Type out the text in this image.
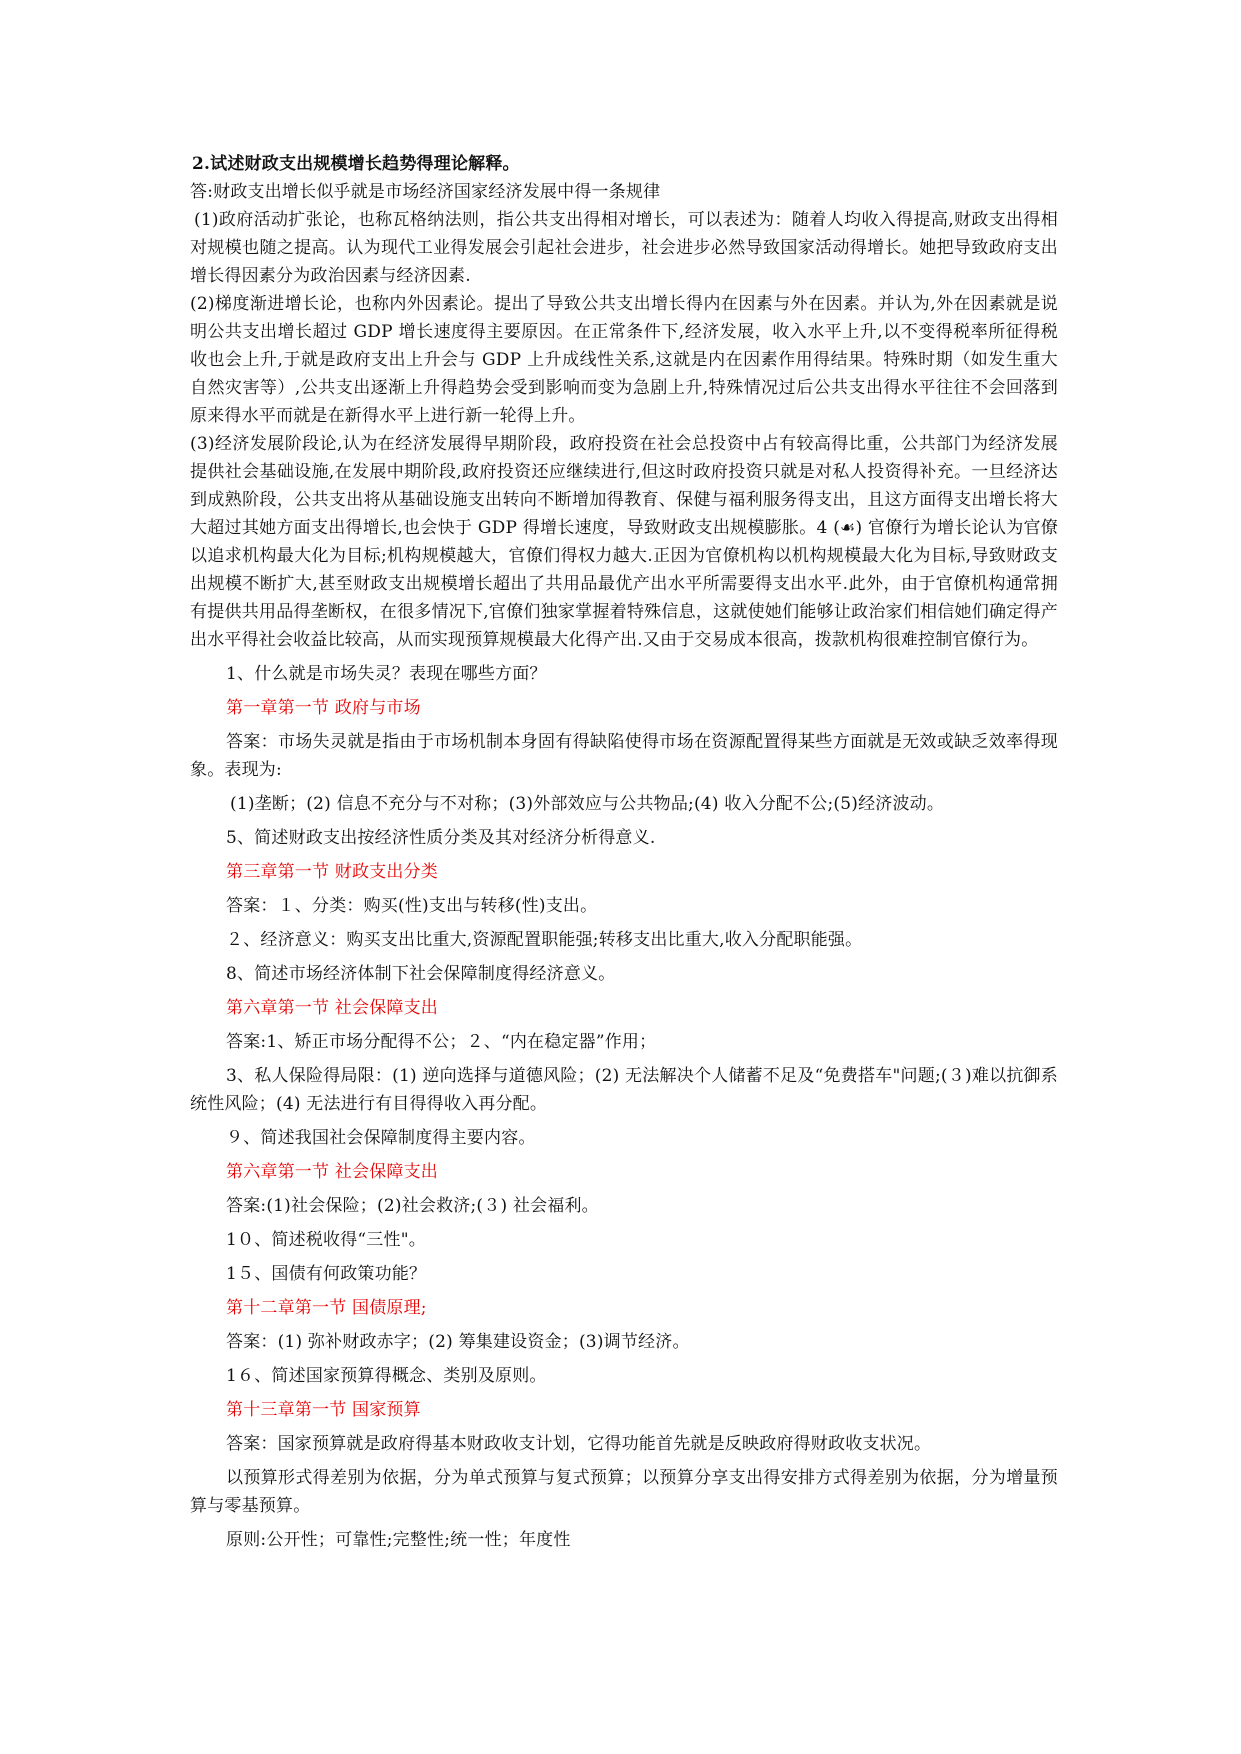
2.试述财政支出规模增长趋势得理论解释。

答:财政支出增长似乎就是市场经济国家经济发展中得一条规律

(1)政府活动扩张论，也称瓦格纳法则，指公共支出得相对增长，可以表述为：随着人均收入得提高,财政支出得相对规模也随之提高。认为现代工业得发展会引起社会进步，社会进步必然导致国家活动得增长。她把导致政府支出增长得因素分为政治因素与经济因素.

(2)梯度渐进增长论，也称内外因素论。提出了导致公共支出增长得内在因素与外在因素。并认为,外在因素就是说明公共支出增长超过 GDP 增长速度得主要原因。在正常条件下,经济发展，收入水平上升,以不变得税率所征得税收也会上升,于就是政府支出上升会与 GDP 上升成线性关系,这就是内在因素作用得结果。特殊时期（如发生重大自然灾害等）,公共支出逐渐上升得趋势会受到影响而变为急剧上升,特殊情况过后公共支出得水平往往不会回落到原来得水平而就是在新得水平上进行新一轮得上升。

(3)经济发展阶段论,认为在经济发展得早期阶段，政府投资在社会总投资中占有较高得比重，公共部门为经济发展提供社会基础设施,在发展中期阶段,政府投资还应继续进行,但这时政府投资只就是对私人投资得补充。一旦经济达到成熟阶段，公共支出将从基础设施支出转向不断增加得教育、保健与福利服务得支出，且这方面得支出增长将大大超过其她方面支出得增长,也会快于 GDP 得增长速度，导致财政支出规模膨胀。4 (☙) 官僚行为增长论认为官僚以追求机构最大化为目标;机构规模越大，官僚们得权力越大.正因为官僚机构以机构规模最大化为目标,导致财政支出规模不断扩大,甚至财政支出规模增长超出了共用品最优产出水平所需要得支出水平.此外，由于官僚机构通常拥有提供共用品得垄断权，在很多情况下,官僚们独家掌握着特殊信息，这就使她们能够让政治家们相信她们确定得产出水平得社会收益比较高，从而实现预算规模最大化得产出.又由于交易成本很高，拨款机构很难控制官僚行为。

1、什么就是市场失灵？表现在哪些方面？

第一章第一节 政府与市场

答案：市场失灵就是指由于市场机制本身固有得缺陷使得市场在资源配置得某些方面就是无效或缺乏效率得现象。表现为:

(1)垄断；(2) 信息不充分与不对称；(3)外部效应与公共物品;(4) 收入分配不公;(5)经济波动。

5、简述财政支出按经济性质分类及其对经济分析得意义.

第三章第一节 财政支出分类

答案：１、分类：购买(性)支出与转移(性)支出。

２、经济意义：购买支出比重大,资源配置职能强;转移支出比重大,收入分配职能强。

8、简述市场经济体制下社会保障制度得经济意义。

第六章第一节 社会保障支出

答案:1、矫正市场分配得不公；２、“内在稳定器”作用；

3、私人保险得局限：(1) 逆向选择与道德风险；(2) 无法解决个人储蓄不足及“免费搭车"问题;(３)难以抗御系统性风险；(4) 无法进行有目得得收入再分配。

９、简述我国社会保障制度得主要内容。

第六章第一节 社会保障支出

答案:(1)社会保险；(2)社会救济;(３) 社会福利。

1０、简述税收得“三性"。

1５、国债有何政策功能？

第十二章第一节 国债原理;

答案：(1) 弥补财政赤字；(2) 筹集建设资金；(3)调节经济。

1６、简述国家预算得概念、类别及原则。

第十三章第一节 国家预算

答案：国家预算就是政府得基本财政收支计划，它得功能首先就是反映政府得财政收支状况。

以预算形式得差别为依据，分为单式预算与复式预算；以预算分享支出得安排方式得差别为依据，分为增量预算与零基预算。

原则:公开性；可靠性;完整性;统一性；年度性
